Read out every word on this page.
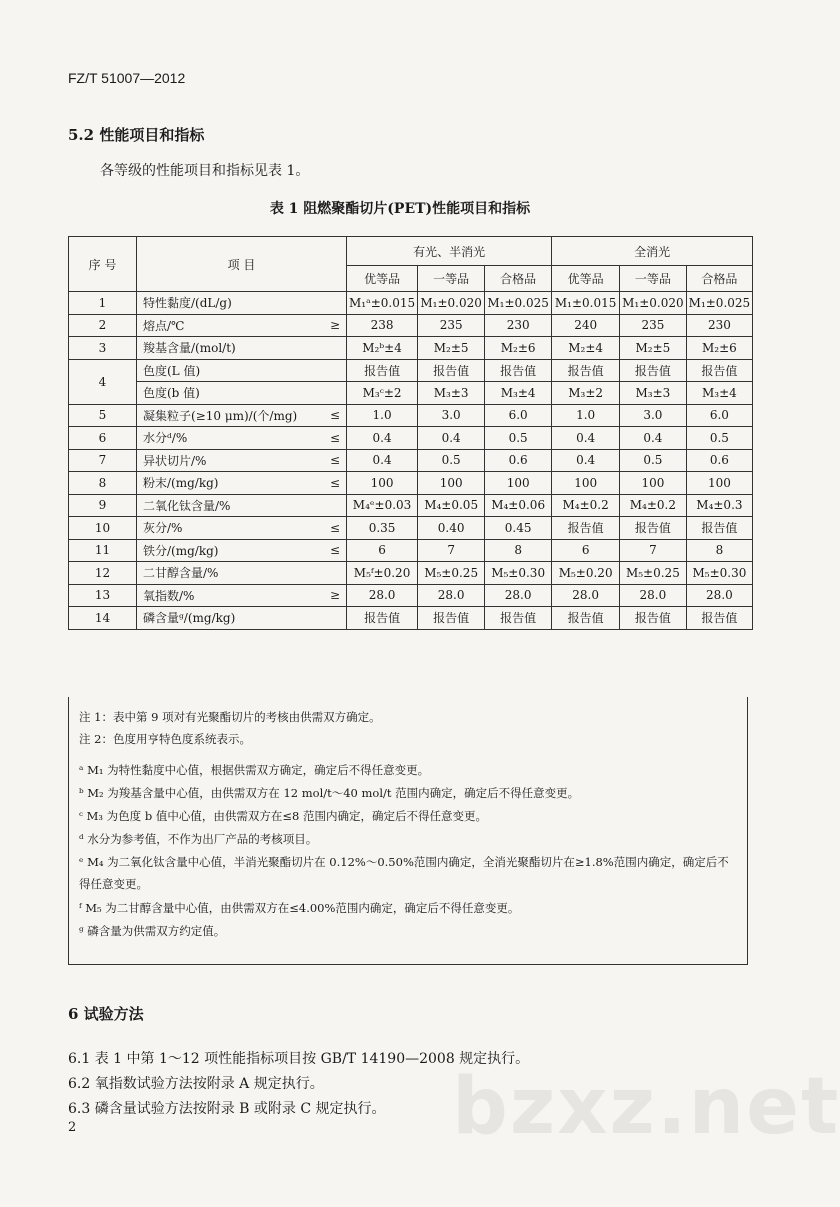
FZ/T 51007—2012
5.2 性能项目和指标
各等级的性能项目和指标见表 1。
表 1 阻燃聚酯切片(PET)性能项目和指标
序 号	项 目	有光、半消光			全消光		
		优等品	一等品	合格品	优等品	一等品	合格品
1	特性黏度/(dL/g)	M₁ᵃ±0.015	M₁±0.020	M₁±0.025	M₁±0.015	M₁±0.020	M₁±0.025
2	熔点/℃ ≥	238	235	230	240	235	230
3	羧基含量/(mol/t)	M₂ᵇ±4	M₂±5	M₂±6	M₂±4	M₂±5	M₂±6
4	色度(L 值)	报告值	报告值	报告值	报告值	报告值	报告值
	色度(b 值)	M₃ᶜ±2	M₃±3	M₃±4	M₃±2	M₃±3	M₃±4
5	凝集粒子(≥10 μm)/(个/mg) ≤	1.0	3.0	6.0	1.0	3.0	6.0
6	水分ᵈ/% ≤	0.4	0.4	0.5	0.4	0.4	0.5
7	异状切片/% ≤	0.4	0.5	0.6	0.4	0.5	0.6
8	粉末/(mg/kg) ≤	100	100	100	100	100	100
9	二氧化钛含量/%	M₄ᵉ±0.03	M₄±0.05	M₄±0.06	M₄±0.2	M₄±0.2	M₄±0.3
10	灰分/% ≤	0.35	0.40	0.45	报告值	报告值	报告值
11	铁分/(mg/kg) ≤	6	7	8	6	7	8
12	二甘醇含量/%	M₅ᶠ±0.20	M₅±0.25	M₅±0.30	M₅±0.20	M₅±0.25	M₅±0.30
13	氧指数/% ≥	28.0	28.0	28.0	28.0	28.0	28.0
14	磷含量ᵍ/(mg/kg)	报告值	报告值	报告值	报告值	报告值	报告值
注 1：表中第 9 项对有光聚酯切片的考核由供需双方确定。
注 2：色度用亨特色度系统表示。
ᵃ M₁ 为特性黏度中心值，根据供需双方确定，确定后不得任意变更。
ᵇ M₂ 为羧基含量中心值，由供需双方在 12 mol/t～40 mol/t 范围内确定，确定后不得任意变更。
ᶜ M₃ 为色度 b 值中心值，由供需双方在≤8 范围内确定，确定后不得任意变更。
ᵈ 水分为参考值，不作为出厂产品的考核项目。
ᵉ M₄ 为二氧化钛含量中心值，半消光聚酯切片在 0.12%～0.50%范围内确定，全消光聚酯切片在≥1.8%范围内确定，确定后不得任意变更。
ᶠ M₅ 为二甘醇含量中心值，由供需双方在≤4.00%范围内确定，确定后不得任意变更。
ᵍ 磷含量为供需双方约定值。
6 试验方法
6.1 表 1 中第 1～12 项性能指标项目按 GB/T 14190—2008 规定执行。
6.2 氧指数试验方法按附录 A 规定执行。
6.3 磷含量试验方法按附录 B 或附录 C 规定执行。
2	bzxz.net
